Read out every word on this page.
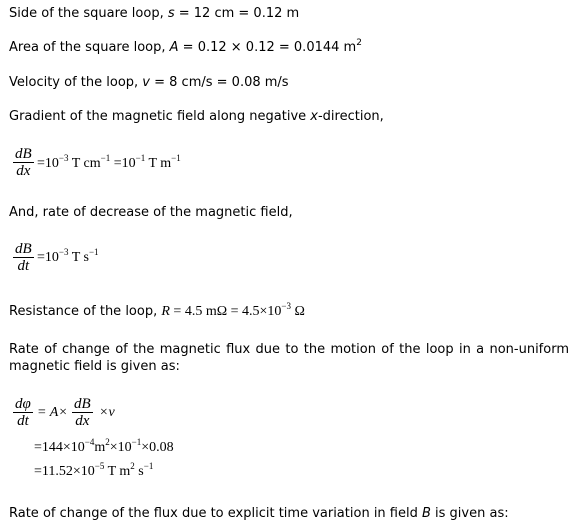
Side of the square loop, s = 12 cm = 0.12 m
Area of the square loop, A = 0.12 × 0.12 = 0.0144 $m^2$
Velocity of the loop, v = 8 cm/s = 0.08 m/s
Gradient of the magnetic field along negative x-direction,
dB
dx $=10^{-3}$ T $cm^{-1} =10^{-1}$ T $m^{-1}$
And, rate of decrease of the magnetic field,
dB
dt
$=10^{-3}$ T $s^{-1}$
Resistance of the loop, R = 4.5 $m\Omega = 4.5\times 10^{-3}$ Ω
Rate of change of the magnetic flux due to the motion of the loop in a non-uniform magnetic field is given as:
dφ
dt
= A×
dB
dx
×v
$=144\times 10^{-4}m^2\times 10^{-1}\times 0.08$
$=11.52\times 10^{-5}$ T $m^2$ $s^{-1}$
Rate of change of the flux due to explicit time variation in field B is given as:
